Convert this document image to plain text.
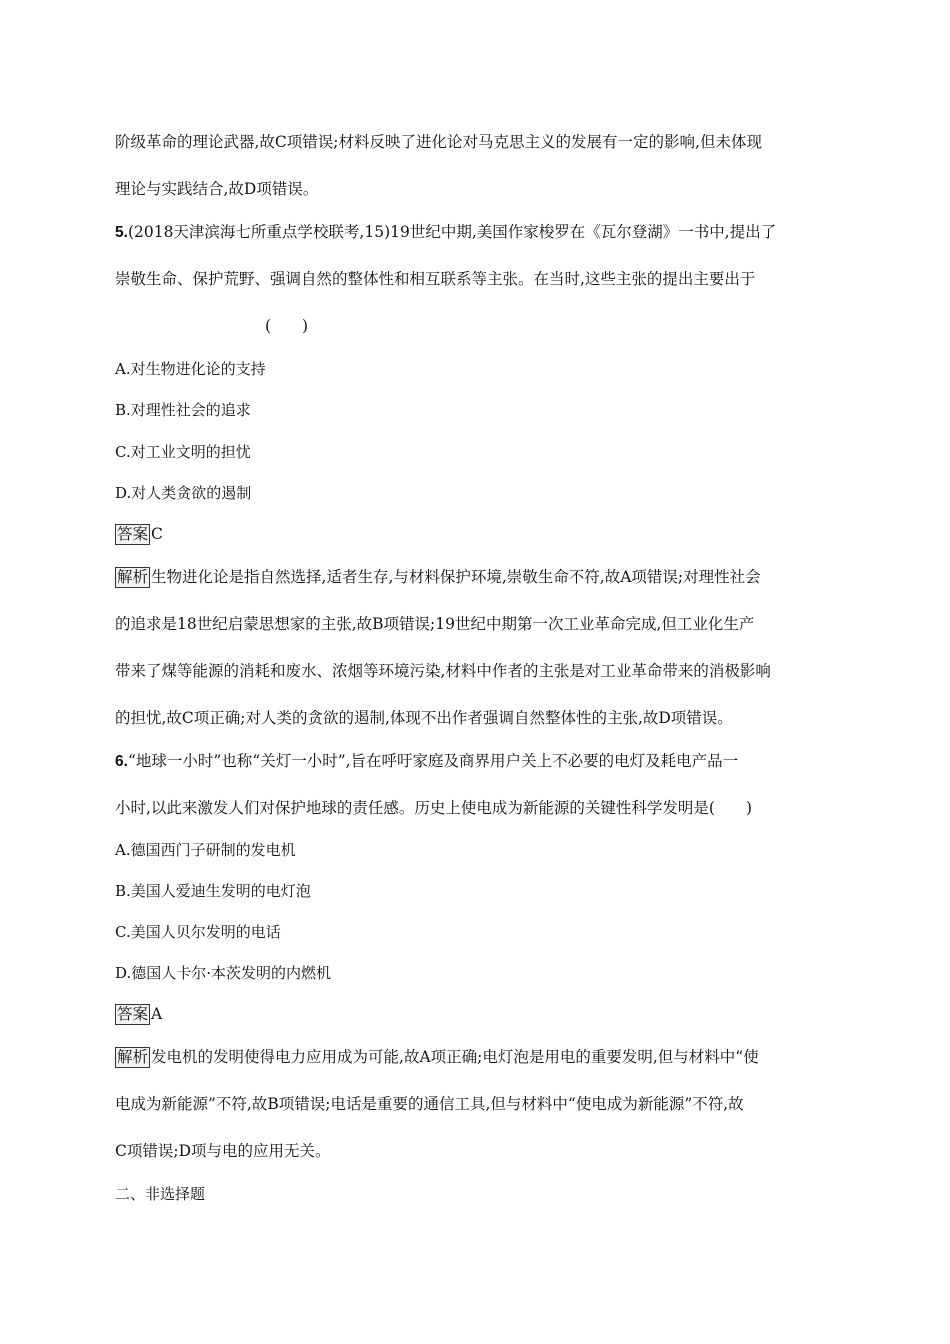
阶级革命的理论武器,故C项错误;材料反映了进化论对马克思主义的发展有一定的影响,但未体现
理论与实践结合,故D项错误。
5.(2018天津滨海七所重点学校联考,15)19世纪中期,美国作家梭罗在《瓦尔登湖》一书中,提出了
崇敬生命、保护荒野、强调自然的整体性和相互联系等主张。在当时,这些主张的提出主要出于
(　　)
A.对生物进化论的支持
B.对理性社会的追求
C.对工业文明的担忧
D.对人类贪欲的遏制
答案 C
解析 生物进化论是指自然选择,适者生存,与材料保护环境,崇敬生命不符,故A项错误;对理性社会
的追求是18世纪启蒙思想家的主张,故B项错误;19世纪中期第一次工业革命完成,但工业化生产
带来了煤等能源的消耗和废水、浓烟等环境污染,材料中作者的主张是对工业革命带来的消极影响
的担忧,故C项正确;对人类的贪欲的遏制,体现不出作者强调自然整体性的主张,故D项错误。
6.“地球一小时”也称“关灯一小时”,旨在呼吁家庭及商界用户关上不必要的电灯及耗电产品一
小时,以此来激发人们对保护地球的责任感。历史上使电成为新能源的关键性科学发明是(　　)
A.德国西门子研制的发电机
B.美国人爱迪生发明的电灯泡
C.美国人贝尔发明的电话
D.德国人卡尔·本茨发明的内燃机
答案 A
解析 发电机的发明使得电力应用成为可能,故A项正确;电灯泡是用电的重要发明,但与材料中“使
电成为新能源”不符,故B项错误;电话是重要的通信工具,但与材料中“使电成为新能源”不符,故
C项错误;D项与电的应用无关。
二、非选择题
